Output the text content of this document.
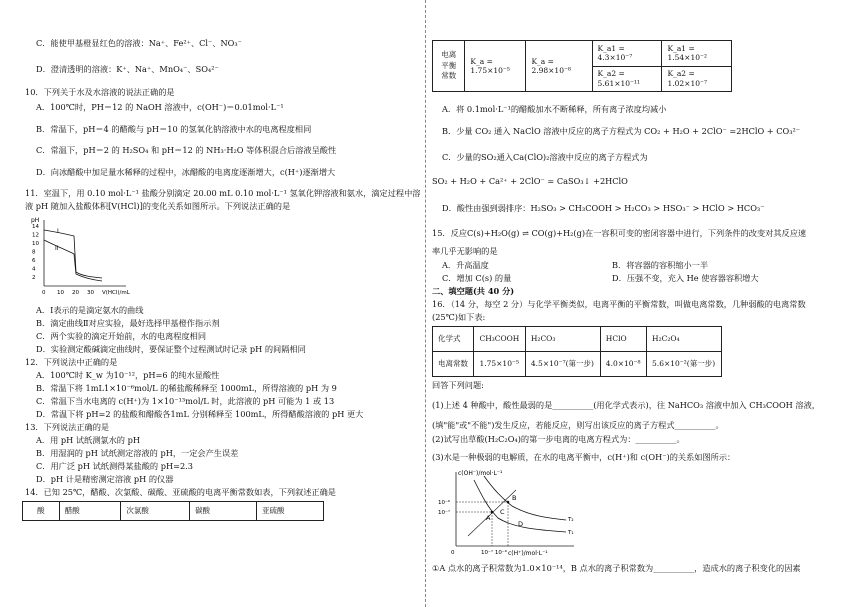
C．能使甲基橙显红色的溶液：Na⁺、Fe²⁺、Cl⁻、NO₃⁻
D．澄清透明的溶液：K⁺、Na⁺、MnO₄⁻、SO₄²⁻
10．下列关于水及水溶液的说法正确的是
A．100℃时，PH＝12 的 NaOH 溶液中，c(OH⁻)＝0.01mol·L⁻¹
B．常温下，pH＝4 的醋酸与 pH＝10 的氢氧化钠溶液中水的电离程度相同
C．常温下，pH＝2 的 H₂SO₄ 和 pH＝12 的 NH₃·H₂O 等体积混合后溶液呈酸性
D．向冰醋酸中加足量水稀释的过程中，冰醋酸的电离度逐渐增大，c(H⁺)逐渐增大
11．室温下，用 0.10 mol·L⁻¹ 盐酸分别滴定 20.00 mL 0.10 mol·L⁻¹ 氢氧化钾溶液和氨水，滴定过程中溶
液 pH 随加入盐酸体积[V(HCl)]的变化关系如图所示。下列说法正确的是
pH
14
12
10
8
6
4
2
0 10 20 30 V(HCl)/mL
I
II
A．Ⅰ表示的是滴定氨水的曲线
B．滴定曲线Ⅱ对应实验，最好选择甲基橙作指示剂
C．两个实验的滴定开始前，水的电离程度相同
D．实验测定酸碱滴定曲线时，要保证整个过程测试时记录 pH 的间隔相同
12．下列说法中正确的是
A．100℃时 K_w 为10⁻¹²，pH=6 的纯水显酸性
B．常温下将 1mL1×10⁻⁶mol/L 的稀盐酸稀释至 1000mL，所得溶液的 pH 为 9
C．常温下当水电离的 c(H⁺)为 1×10⁻¹³mol/L 时，此溶液的 pH 可能为 1 或 13
D．常温下将 pH=2 的盐酸和醋酸各1mL 分别稀释至 100mL，所得醋酸溶液的 pH 更大
13．下列说法正确的是
A．用 pH 试纸测氯水的 pH
B．用湿润的 pH 试纸测定溶液的 pH，一定会产生误差
C．用广泛 pH 试纸测得某盐酸的 pH=2.3
D．pH 计是精密测定溶液 pH 的仪器
14．已知 25℃，醋酸、次氯酸、碳酸、亚硫酸的电离平衡常数如表，下列叙述正确是
酸	醋酸	次氯酸	碳酸	亚硫酸
电离平衡常数	K_a = 1.75×10⁻⁵	K_a = 2.98×10⁻⁸	K_a1 = 4.3×10⁻⁷	K_a1 = 1.54×10⁻²
			K_a2 = 5.61×10⁻¹¹	K_a2 = 1.02×10⁻⁷
A．将 0.1mol·L⁻¹的醋酸加水不断稀释，所有离子浓度均减小
B．少量 CO₂ 通入 NaClO 溶液中反应的离子方程式为 CO₂ + H₂O + 2ClO⁻ =2HClO + CO₃²⁻
C．少量的SO₂通入Ca(ClO)₂溶液中反应的离子方程式为
SO₂ + H₂O + Ca²⁺ + 2ClO⁻ = CaSO₃↓ +2HClO
D．酸性由强到弱排序：H₂SO₃ > CH₃COOH > H₂CO₃ > HSO₃⁻ > HClO > HCO₃⁻
15．反应C(s)+H₂O(g) ⇌ CO(g)+H₂(g)在一容积可变的密闭容器中进行，下列条件的改变对其反应速
率几乎无影响的是
A．升高温度	B．将容器的容积缩小一半
C．增加 C(s) 的量	D．压强不变，充入 He 使容器容积增大
二、填空题(共 40 分)
16．（14 分，每空 2 分）与化学平衡类似，电离平衡的平衡常数，叫做电离常数，几种弱酸的电离常数
(25℃)如下表:
化学式	CH₃COOH	H₂CO₃	HClO	H₂C₂O₄
电离常数	1.75×10⁻⁵	4.5×10⁻⁷(第一步)	4.0×10⁻⁸	5.6×10⁻²(第一步)
回答下列问题:
(1)上述 4 种酸中，酸性最弱的是__________(用化学式表示)，往 NaHCO₃ 溶液中加入 CH₃COOH 溶液，
(填"能"或"不能")发生反应，若能反应，则写出该反应的离子方程式__________。
(2)试写出草酸(H₂C₂O₄)的第一步电离的电离方程式为：__________。
(3)水是一种极弱的电解质，在水的电离平衡中，c(H⁺)和 c(OH⁻)的关系如图所示：
c(OH⁻)/mol·L⁻¹
c(H⁺)/mol·L⁻¹
10⁻⁶
10⁻⁷
0	10⁻⁷ 10⁻⁶
A
B
C
D	T₂
T₁
①A 点水的离子积常数为1.0×10⁻¹⁴，B 点水的离子积常数为__________，造成水的离子积变化的因素
